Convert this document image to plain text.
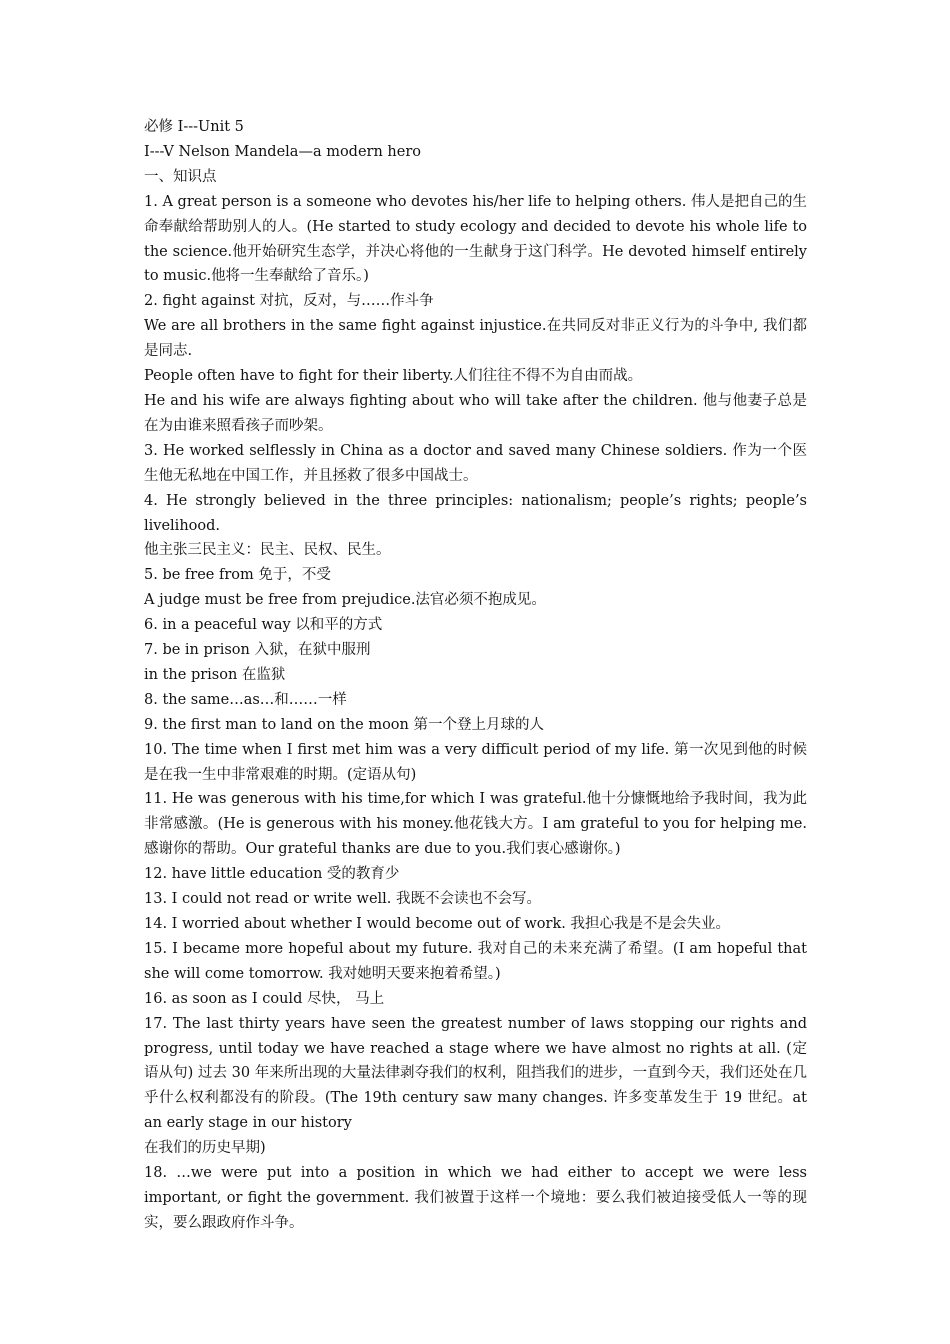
必修 I---Unit 5

I---V Nelson Mandela—a modern hero

一、知识点

1. A great person is a someone who devotes his/her life to helping others. 伟人是把自己的生命奉献给帮助别人的人。(He started to study ecology and decided to devote his whole life to the science.他开始研究生态学，并决心将他的一生献身于这门科学。He devoted himself entirely to music.他将一生奉献给了音乐。)

2. fight against 对抗，反对，与……作斗争

We are all brothers in the same fight against injustice.在共同反对非正义行为的斗争中, 我们都是同志.

People often have to fight for their liberty.人们往往不得不为自由而战。

He and his wife are always fighting about who will take after the children. 他与他妻子总是在为由谁来照看孩子而吵架。

3. He worked selflessly in China as a doctor and saved many Chinese soldiers. 作为一个医生他无私地在中国工作，并且拯救了很多中国战士。

4. He strongly believed in the three principles: nationalism; people’s rights; people’s livelihood.

他主张三民主义：民主、民权、民生。

5. be free from 免于，不受

A judge must be free from prejudice.法官必须不抱成见。

6. in a peaceful way 以和平的方式

7. be in prison 入狱，在狱中服刑

in the prison 在监狱

8. the same…as…和……一样

9. the first man to land on the moon 第一个登上月球的人

10. The time when I first met him was a very difficult period of my life. 第一次见到他的时候是在我一生中非常艰难的时期。(定语从句)

11. He was generous with his time,for which I was grateful.他十分慷慨地给予我时间，我为此非常感激。(He is generous with his money.他花钱大方。I am grateful to you for helping me.感谢你的帮助。Our grateful thanks are due to you.我们衷心感谢你。)

12. have little education 受的教育少

13. I could not read or write well. 我既不会读也不会写。

14. I worried about whether I would become out of work. 我担心我是不是会失业。

15. I became more hopeful about my future. 我对自己的未来充满了希望。(I am hopeful that she will come tomorrow. 我对她明天要来抱着希望。)

16. as soon as I could 尽快， 马上

17. The last thirty years have seen the greatest number of laws stopping our rights and progress, until today we have reached a stage where we have almost no rights at all. (定语从句) 过去 30 年来所出现的大量法律剥夺我们的权利，阻挡我们的进步，一直到今天，我们还处在几乎什么权利都没有的阶段。(The 19th century saw many changes. 许多变革发生于 19 世纪。at an early stage in our history

在我们的历史早期)

18. …we were put into a position in which we had either to accept we were less important, or fight the government. 我们被置于这样一个境地：要么我们被迫接受低人一等的现实，要么跟政府作斗争。
